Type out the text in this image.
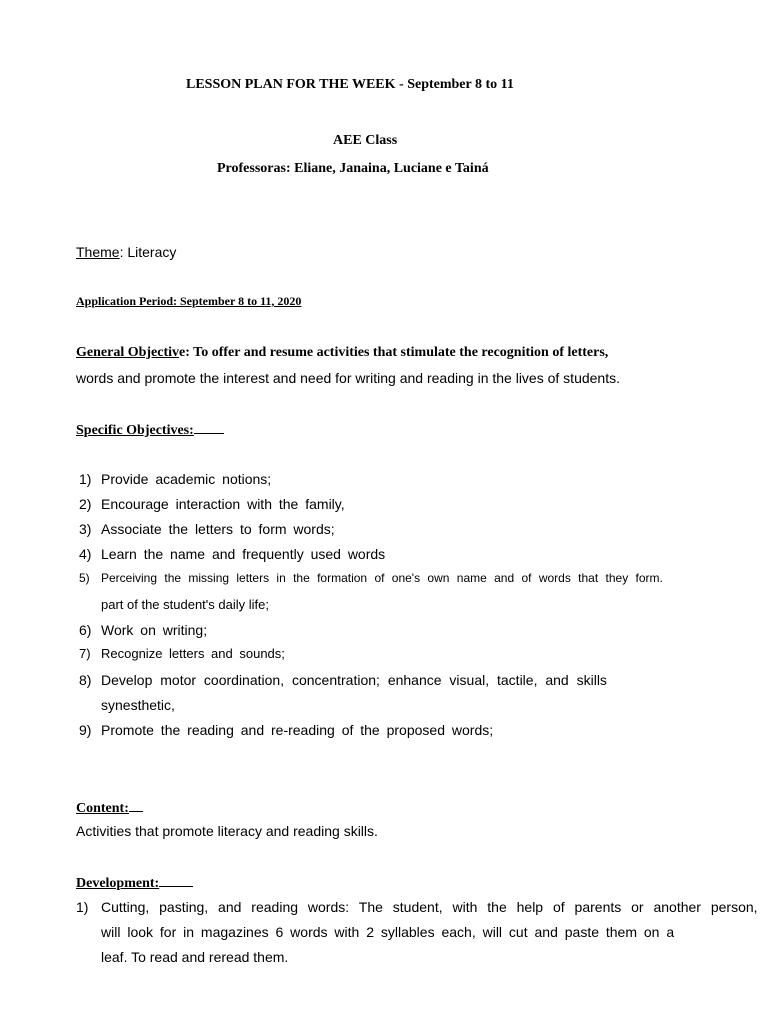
LESSON PLAN FOR THE WEEK - September 8 to 11
AEE Class
Professoras: Eliane, Janaina, Luciane e Tainá
Theme: Literacy
Application Period: September 8 to 11, 2020
General Objective: To offer and resume activities that stimulate the recognition of letters,
words and promote the interest and need for writing and reading in the lives of students.
Specific Objectives:
1) Provide academic notions;
2) Encourage interaction with the family,
3) Associate the letters to form words;
4) Learn the name and frequently used words
5) Perceiving the missing letters in the formation of one's own name and of words that they form.
part of the student's daily life;
6) Work on writing;
7) Recognize letters and sounds;
8) Develop motor coordination, concentration; enhance visual, tactile, and skills
synesthetic,
9) Promote the reading and re-reading of the proposed words;
Content:
Activities that promote literacy and reading skills.
Development:
1) Cutting, pasting, and reading words: The student, with the help of parents or another person,
will look for in magazines 6 words with 2 syllables each, will cut and paste them on a
leaf. To read and reread them.
